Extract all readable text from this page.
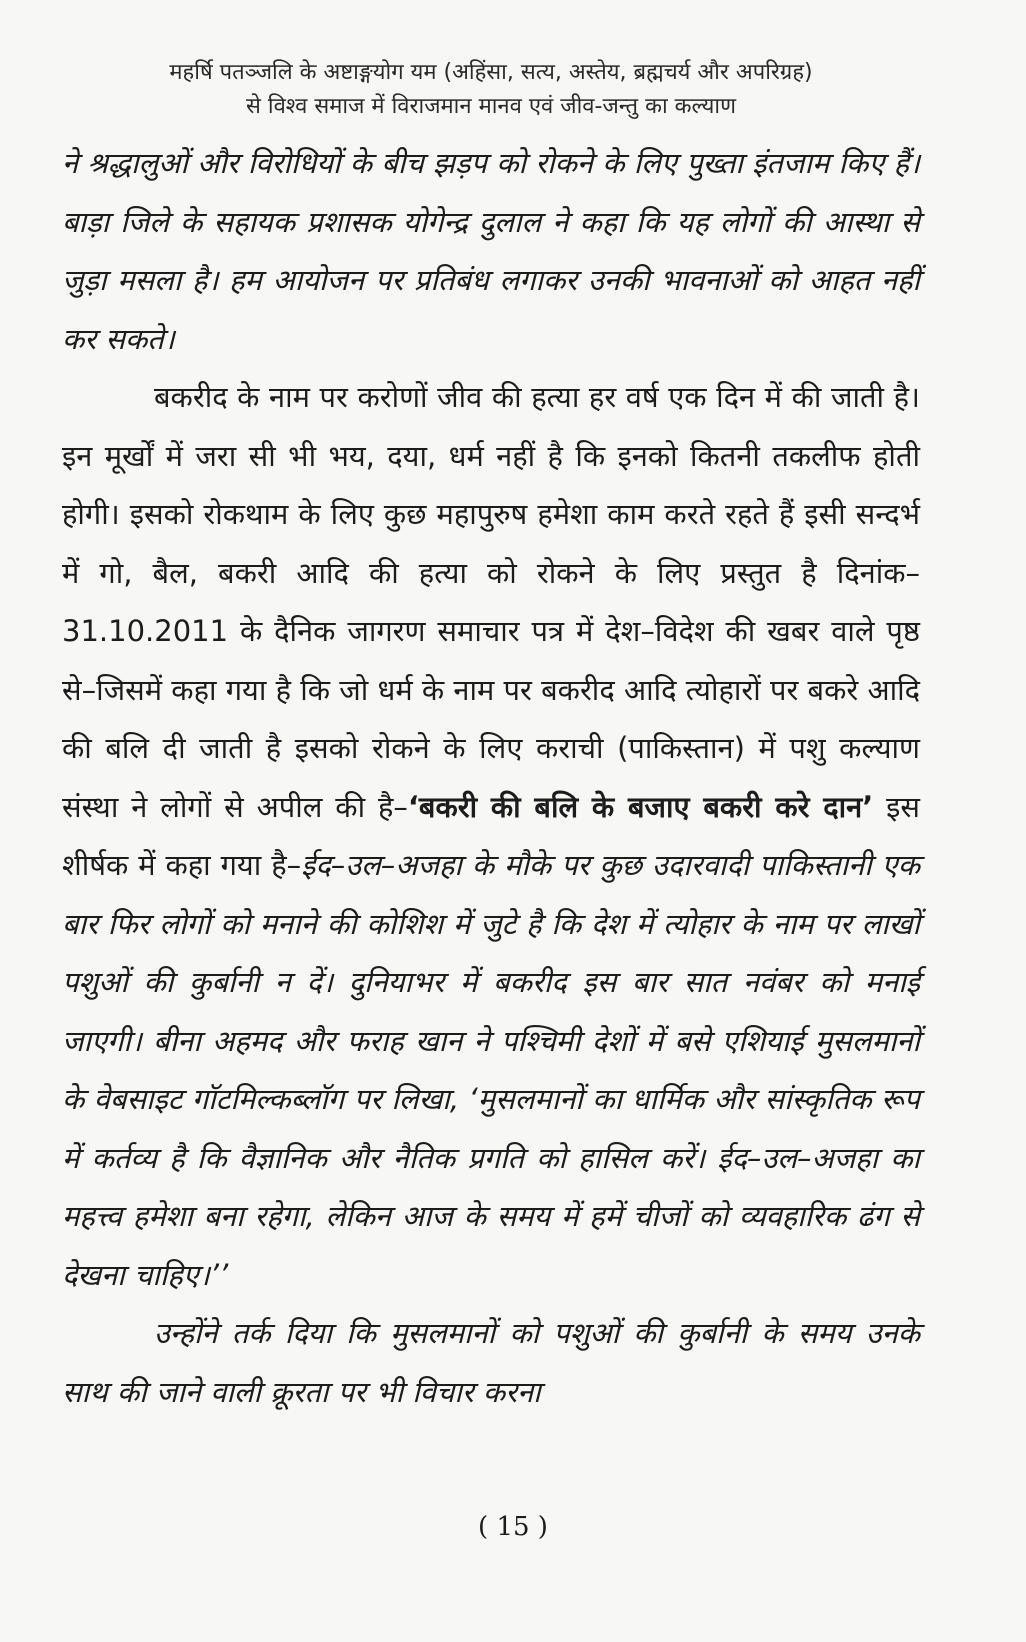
महर्षि पतञ्जलि के अष्टाङ्गयोग यम (अहिंसा, सत्य, अस्तेय, ब्रह्मचर्य और अपरिग्रह)
से विश्व समाज में विराजमान मानव एवं जीव-जन्तु का कल्याण

ने श्रद्धालुओं और विरोधियों के बीच झड़प को रोकने के लिए पुख्ता इंतजाम किए हैं। बाड़ा जिले के सहायक प्रशासक योगेन्द्र दुलाल ने कहा कि यह लोगों की आस्था से जुड़ा मसला है। हम आयोजन पर प्रतिबंध लगाकर उनकी भावनाओं को आहत नहीं कर सकते।

बकरीद के नाम पर करोणों जीव की हत्या हर वर्ष एक दिन में की जाती है। इन मूर्खों में जरा सी भी भय, दया, धर्म नहीं है कि इनको कितनी तकलीफ होती होगी। इसको रोकथाम के लिए कुछ महापुरुष हमेशा काम करते रहते हैं इसी सन्दर्भ में गो, बैल, बकरी आदि की हत्या को रोकने के लिए प्रस्तुत है दिनांक–31.10.2011 के दैनिक जागरण समाचार पत्र में देश–विदेश की खबर वाले पृष्ठ से–जिसमें कहा गया है कि जो धर्म के नाम पर बकरीद आदि त्योहारों पर बकरे आदि की बलि दी जाती है इसको रोकने के लिए कराची (पाकिस्तान) में पशु कल्याण संस्था ने लोगों से अपील की है–‘बकरी की बलि के बजाए बकरी करे दान’ इस शीर्षक में कहा गया है–ईद–उल–अजहा के मौके पर कुछ उदारवादी पाकिस्तानी एक बार फिर लोगों को मनाने की कोशिश में जुटे है कि देश में त्योहार के नाम पर लाखों पशुओं की कुर्बानी न दें। दुनियाभर में बकरीद इस बार सात नवंबर को मनाई जाएगी। बीना अहमद और फराह खान ने पश्चिमी देशों में बसे एशियाई मुसलमानों के वेबसाइट गॉटमिल्कब्लॉग पर लिखा, ‘मुसलमानों का धार्मिक और सांस्कृतिक रूप में कर्तव्य है कि वैज्ञानिक और नैतिक प्रगति को हासिल करें। ईद–उल–अजहा का महत्त्व हमेशा बना रहेगा, लेकिन आज के समय में हमें चीजों को व्यवहारिक ढंग से देखना चाहिए।’’

उन्होंने तर्क दिया कि मुसलमानों को पशुओं की कुर्बानी के समय उनके साथ की जाने वाली क्रूरता पर भी विचार करना

( 15 )
